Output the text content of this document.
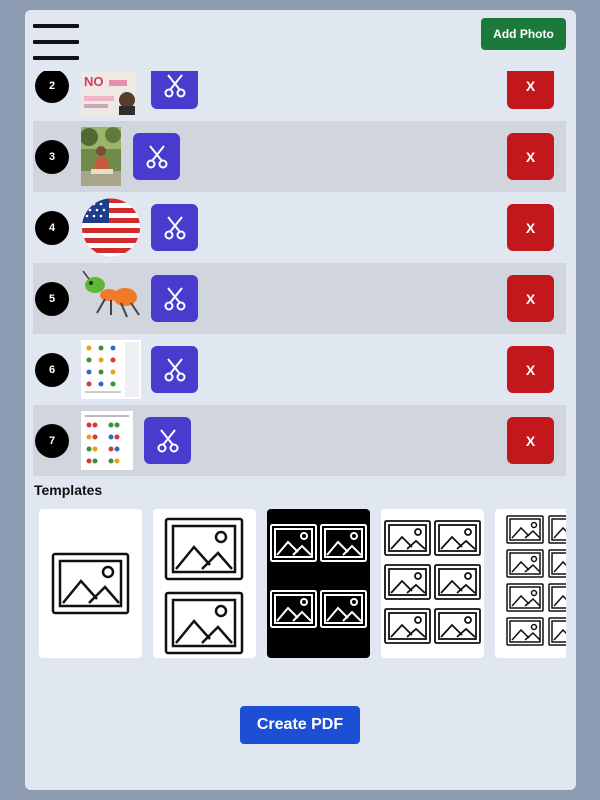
Add Photo
2	NO	X
3	X
4	X
5	X
6	X
7	X
Templates
Create PDF
